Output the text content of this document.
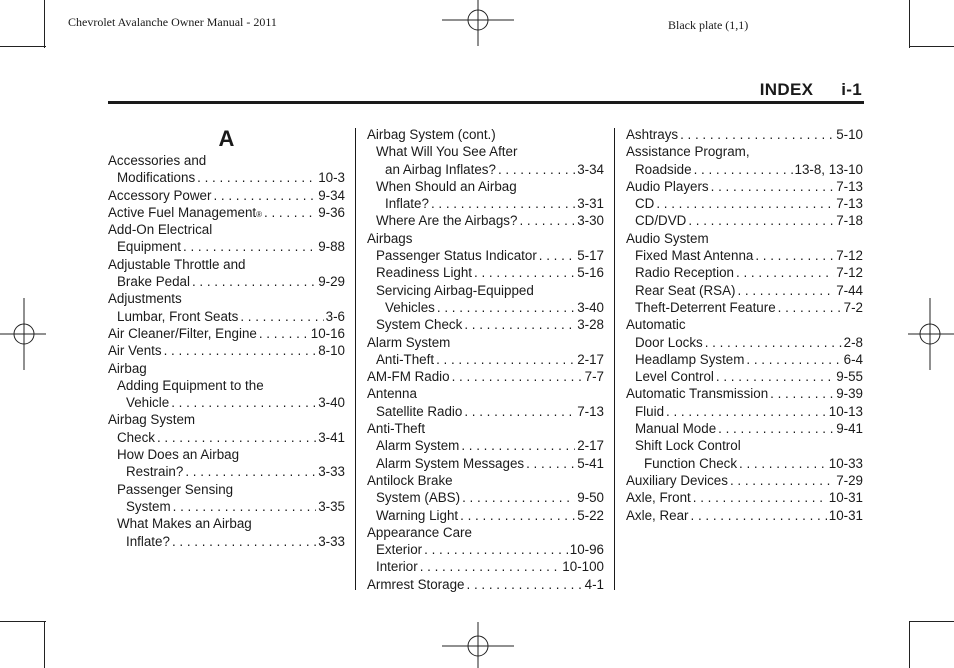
Chevrolet Avalanche Owner Manual - 2011	Black plate (1,1)
INDEX i-1
A
Accessories and
Modifications . . .	10-3
Accessory Power . . .	9-34
Active Fuel Management ® . . .	9-36
Add-On Electrical
Equipment . . .	9-88
Adjustable Throttle and
Brake Pedal . . .	9-29
Adjustments
Lumbar, Front Seats . . .	3-6
Air Cleaner/Filter, Engine . . .	10-16
Air Vents . . .	8-10
Airbag
Adding Equipment to the
Vehicle . . .	3-40
Airbag System
Check . . .	3-41
How Does an Airbag
Restrain? . . .	3-33
Passenger Sensing
System . . .	3-35
What Makes an Airbag
Inflate? . . .	3-33
Airbag System (cont.)
What Will You See After
an Airbag Inflates? . . .	3-34
When Should an Airbag
Inflate? . . .	3-31
Where Are the Airbags? . . .	3-30
Airbags
Passenger Status Indicator . . .	5-17
Readiness Light . . .	5-16
Servicing Airbag-Equipped
Vehicles . . .	3-40
System Check . . .	3-28
Alarm System
Anti-Theft . . .	2-17
AM-FM Radio . . .	7-7
Antenna
Satellite Radio . . .	7-13
Anti-Theft
Alarm System . . .	2-17
Alarm System Messages . . .	5-41
Antilock Brake
System (ABS) . . .	9-50
Warning Light . . .	5-22
Appearance Care
Exterior . . .	10-96
Interior . . .	10-100
Armrest Storage . . .	4-1
Ashtrays . . .	5-10
Assistance Program,
Roadside . . .	13-8, 13-10
Audio Players . . .	7-13
CD . . .	7-13
CD/DVD . . .	7-18
Audio System
Fixed Mast Antenna . . .	7-12
Radio Reception . . .	7-12
Rear Seat (RSA) . . .	7-44
Theft-Deterrent Feature . . .	7-2
Automatic
Door Locks . . .	2-8
Headlamp System . . .	6-4
Level Control . . .	9-55
Automatic Transmission . . .	9-39
Fluid . . .	10-13
Manual Mode . . .	9-41
Shift Lock Control
Function Check . . .	10-33
Auxiliary Devices . . .	7-29
Axle, Front . . .	10-31
Axle, Rear . . .	10-31
